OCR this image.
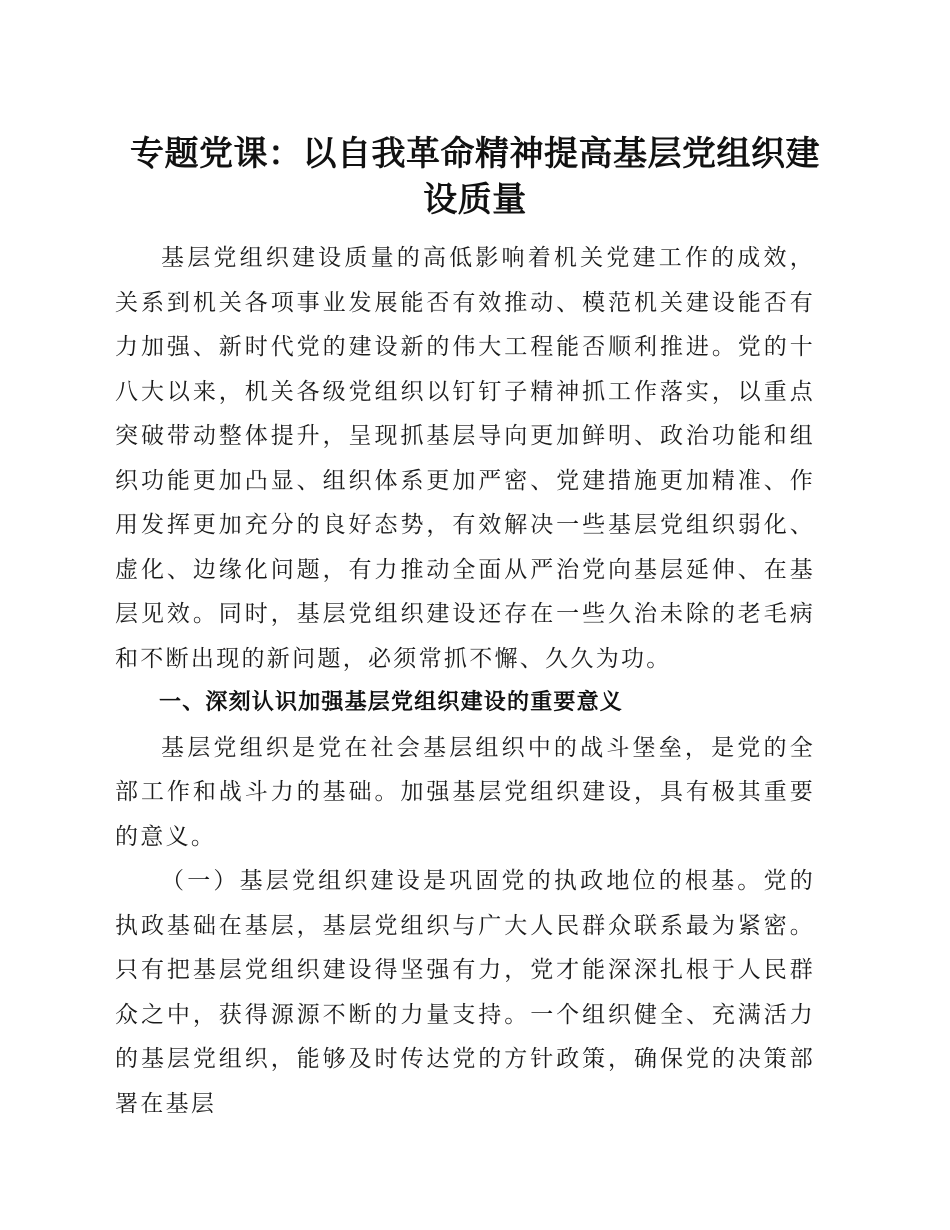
专题党课：以自我革命精神提高基层党组织建设质量

基层党组织建设质量的高低影响着机关党建工作的成效，关系到机关各项事业发展能否有效推动、模范机关建设能否有力加强、新时代党的建设新的伟大工程能否顺利推进。党的十八大以来，机关各级党组织以钉钉子精神抓工作落实，以重点突破带动整体提升，呈现抓基层导向更加鲜明、政治功能和组织功能更加凸显、组织体系更加严密、党建措施更加精准、作用发挥更加充分的良好态势，有效解决一些基层党组织弱化、虚化、边缘化问题，有力推动全面从严治党向基层延伸、在基层见效。同时，基层党组织建设还存在一些久治未除的老毛病和不断出现的新问题，必须常抓不懈、久久为功。

一、深刻认识加强基层党组织建设的重要意义

基层党组织是党在社会基层组织中的战斗堡垒，是党的全部工作和战斗力的基础。加强基层党组织建设，具有极其重要的意义。

（一）基层党组织建设是巩固党的执政地位的根基。党的执政基础在基层，基层党组织与广大人民群众联系最为紧密。只有把基层党组织建设得坚强有力，党才能深深扎根于人民群众之中，获得源源不断的力量支持。一个组织健全、充满活力的基层党组织，能够及时传达党的方针政策，确保党的决策部署在基层
